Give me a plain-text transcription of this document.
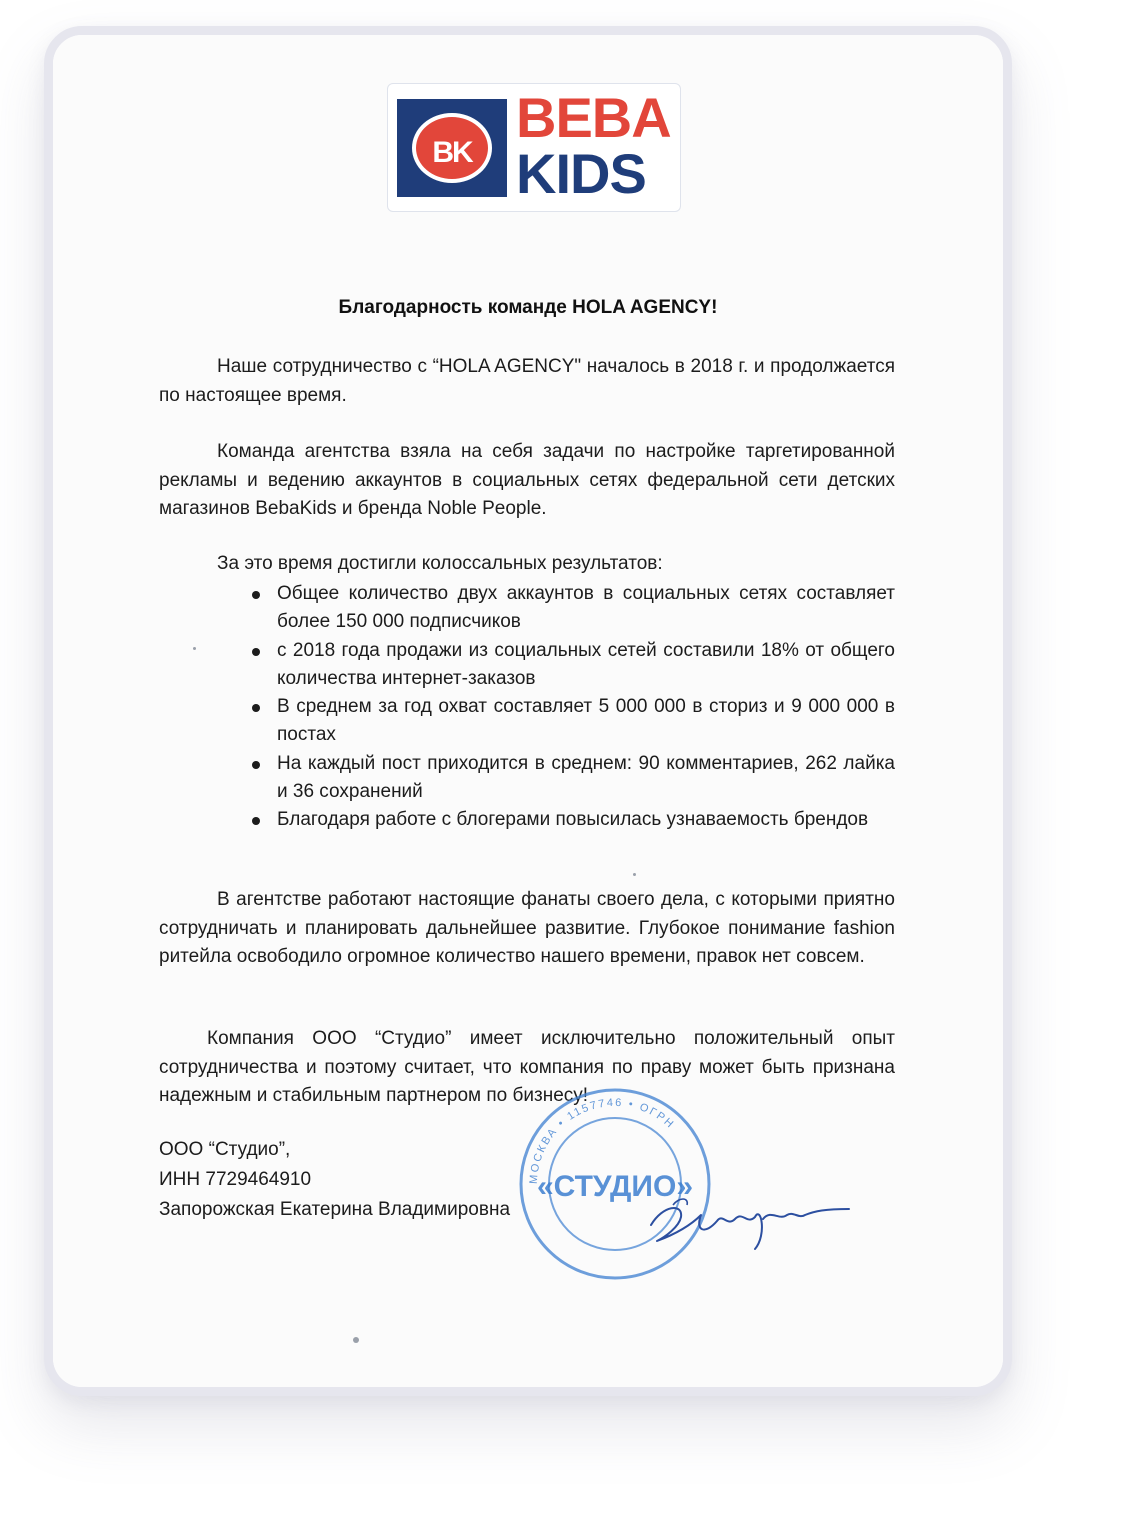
BK
BEBA
KIDS
Благодарность команде HOLA AGENCY!
Наше сотрудничество с “HOLA AGENCY" началось в 2018 г. и продолжается по настоящее время.
Команда агентства взяла на себя задачи по настройке таргетированной рекламы и ведению аккаунтов в социальных сетях федеральной сети детских магазинов BebaKids и бренда Noble People.
За это время достигли колоссальных результатов:
Общее количество двух аккаунтов в социальных сетях составляет более 150 000 подписчиков
с 2018 года продажи из социальных сетей составили 18% от общего количества интернет-заказов
В среднем за год охват составляет 5 000 000 в сториз и 9 000 000 в постах
На каждый пост приходится в среднем: 90 комментариев, 262 лайка и 36 сохранений
Благодаря работе с блогерами повысилась узнаваемость брендов
В агентстве работают настоящие фанаты своего дела, с которыми приятно сотрудничать и планировать дальнейшее развитие. Глубокое понимание fashion ритейла освободило огромное количество нашего времени, правок нет совсем.
Компания ООО “Студио” имеет исключительно положительный опыт сотрудничества и поэтому считает, что компания по праву может быть признана надежным и стабильным партнером по бизнесу!
ООО “Студио”,
ИНН 7729464910
Запорожская Екатерина Владимировна
МОСКВА • 1157746 • ОГРН
«СТУДИО»
